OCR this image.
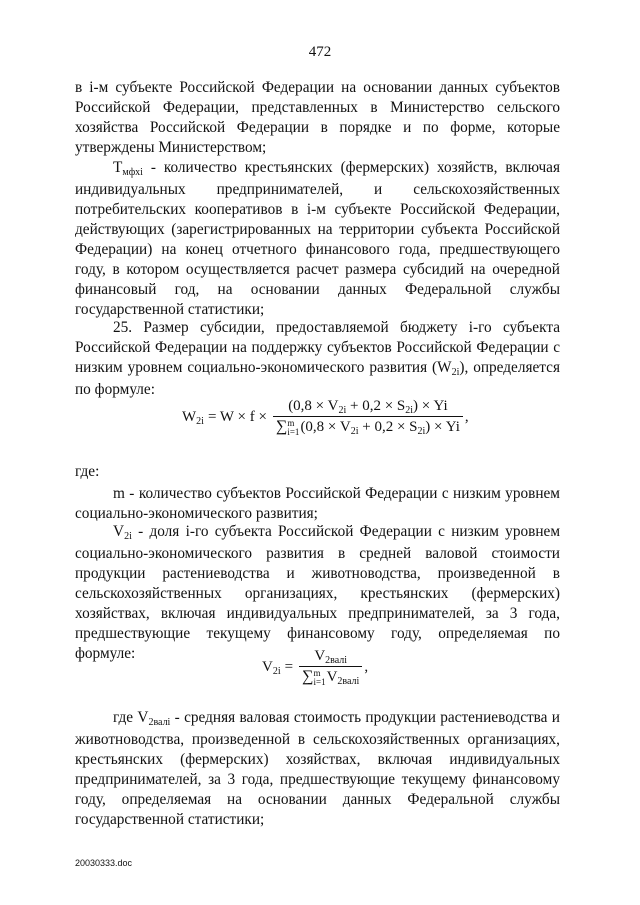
472

в i-м субъекте Российской Федерации на основании данных субъектов Российской Федерации, представленных в Министерство сельского хозяйства Российской Федерации в порядке и по форме, которые утверждены Министерством;

Тмфхi - количество крестьянских (фермерских) хозяйств, включая индивидуальных предпринимателей, и сельскохозяйственных потребительских кооперативов в i-м субъекте Российской Федерации, действующих (зарегистрированных на территории субъекта Российской Федерации) на конец отчетного финансового года, предшествующего году, в котором осуществляется расчет размера субсидий на очередной финансовый год, на основании данных Федеральной службы государственной статистики;

25. Размер субсидии, предоставляемой бюджету i-го субъекта Российской Федерации на поддержку субъектов Российской Федерации с низким уровнем социально-экономического развития (W2i), определяется по формуле:

$W_{2i} = W \times f \times (0,8 \times V_{2i} + 0,2 \times S_{2i}) \times Yi$
∑ m
i=1 $(0,8 \times V_{2i} + 0,2 \times S_{2i}) \times Yi$ ,

где:

m - количество субъектов Российской Федерации с низким уровнем социально-экономического развития;

V2i - доля i-го субъекта Российской Федерации с низким уровнем социально-экономического развития в средней валовой стоимости продукции растениеводства и животноводства, произведенной в сельскохозяйственных организациях, крестьянских (фермерских) хозяйствах, включая индивидуальных предпринимателей, за 3 года, предшествующие текущему финансовому году, определяемая по формуле:

$V_{2i} = V_{2валi}$
∑ m
i=1 $V_{2валi}$ ,

где V2валi - средняя валовая стоимость продукции растениеводства и животноводства, произведенной в сельскохозяйственных организациях, крестьянских (фермерских) хозяйствах, включая индивидуальных предпринимателей, за 3 года, предшествующие текущему финансовому году, определяемая на основании данных Федеральной службы государственной статистики;

20030333.doc
